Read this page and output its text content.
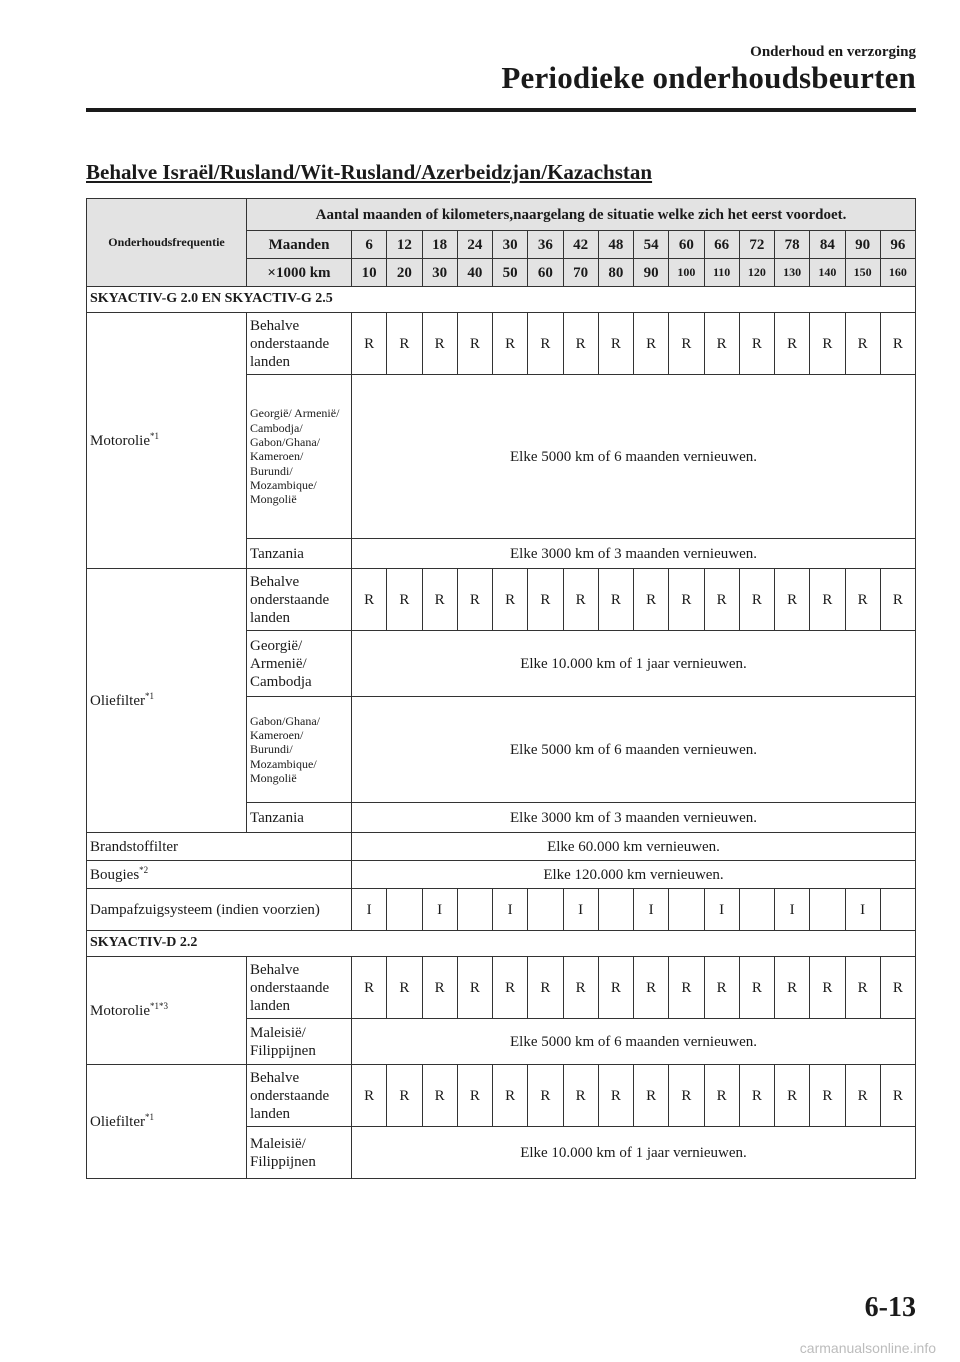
Onderhoud en verzorging
Periodieke onderhoudsbeurten
Behalve Israël/Rusland/Wit-Rusland/Azerbeidzjan/Kazachstan
Onderhoudsfrequentie	Aantal maanden of kilometers,naargelang de situatie welke zich het eerst voordoet.																
	Maanden	6	12	18	24	30	36	42	48	54	60	66	72	78	84	90	96
	×1000 km	10	20	30	40	50	60	70	80	90	100	110	120	130	140	150	160
SKYACTIV-G 2.0 EN SKYACTIV-G 2.5																	
Motorolie$^{*1}$	Behalve onderstaande landen	R	R	R	R	R	R	R	R	R	R	R	R	R	R	R	R
	Georgië/ Armenië/ Cambodja/ Gabon/Ghana/ Kameroen/ Burundi/ Mozambique/ Mongolië	Elke 5000 km of 6 maanden vernieuwen.															
	Tanzania	Elke 3000 km of 3 maanden vernieuwen.															
Oliefilter$^{*1}$	Behalve onderstaande landen	R	R	R	R	R	R	R	R	R	R	R	R	R	R	R	R
	Georgië/ Armenië/ Cambodja	Elke 10.000 km of 1 jaar vernieuwen.															
	Gabon/Ghana/ Kameroen/ Burundi/ Mozambique/ Mongolië	Elke 5000 km of 6 maanden vernieuwen.															
	Tanzania	Elke 3000 km of 3 maanden vernieuwen.															
Brandstoffilter		Elke 60.000 km vernieuwen.															
Bougies$^{*2}$		Elke 120.000 km vernieuwen.															
Dampafzuigsysteem (indien voorzien)		I		I		I		I		I		I		I		I	
SKYACTIV-D 2.2																	
Motorolie$^{*1*3}$	Behalve onderstaande landen	R	R	R	R	R	R	R	R	R	R	R	R	R	R	R	R
	Maleisië/ Filippijnen	Elke 5000 km of 6 maanden vernieuwen.															
Oliefilter$^{*1}$	Behalve onderstaande landen	R	R	R	R	R	R	R	R	R	R	R	R	R	R	R	R
	Maleisië/ Filippijnen	Elke 10.000 km of 1 jaar vernieuwen.															
6-13
carmanualsonline.info
